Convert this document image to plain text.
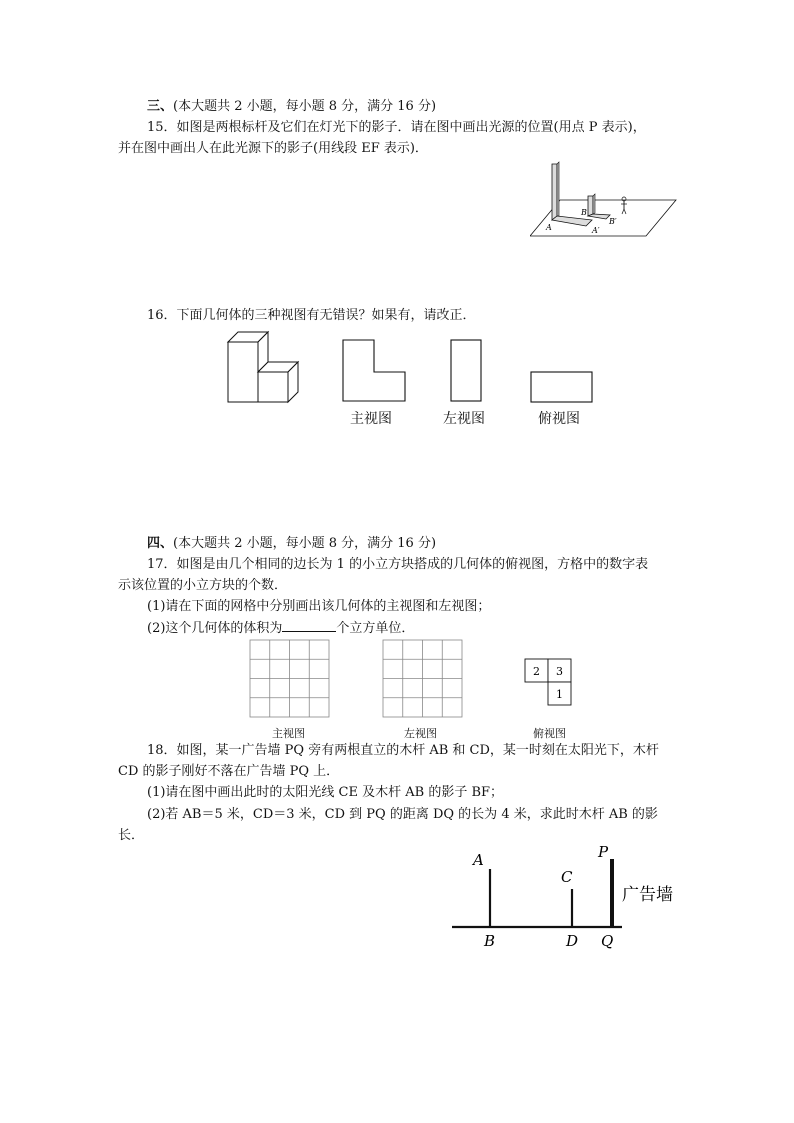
三、(本大题共 2 小题，每小题 8 分，满分 16 分)
15．如图是两根标杆及它们在灯光下的影子．请在图中画出光源的位置(用点 P 表示)，
并在图中画出人在此光源下的影子(用线段 EF 表示)．
A
B
A′
B′
16．下面几何体的三种视图有无错误？如果有，请改正．
主视图	左视图	俯视图
四、(本大题共 2 小题，每小题 8 分，满分 16 分)
17．如图是由几个相同的边长为 1 的小立方块搭成的几何体的俯视图，方格中的数字表
示该位置的小立方块的个数．
(1)请在下面的网格中分别画出该几何体的主视图和左视图；
(2)这个几何体的体积为	个立方单位．
主视图	左视图
2 3
1
俯视图
18．如图，某一广告墙 PQ 旁有两根直立的木杆 AB 和 CD，某一时刻在太阳光下，木杆
CD 的影子刚好不落在广告墙 PQ 上．
(1)请在图中画出此时的太阳光线 CE 及木杆 AB 的影子 BF；
(2)若 AB＝5 米，CD＝3 米，CD 到 PQ 的距离 DQ 的长为 4 米，求此时木杆 AB 的影
长．
A
B
C
D
P
Q
广告墙
